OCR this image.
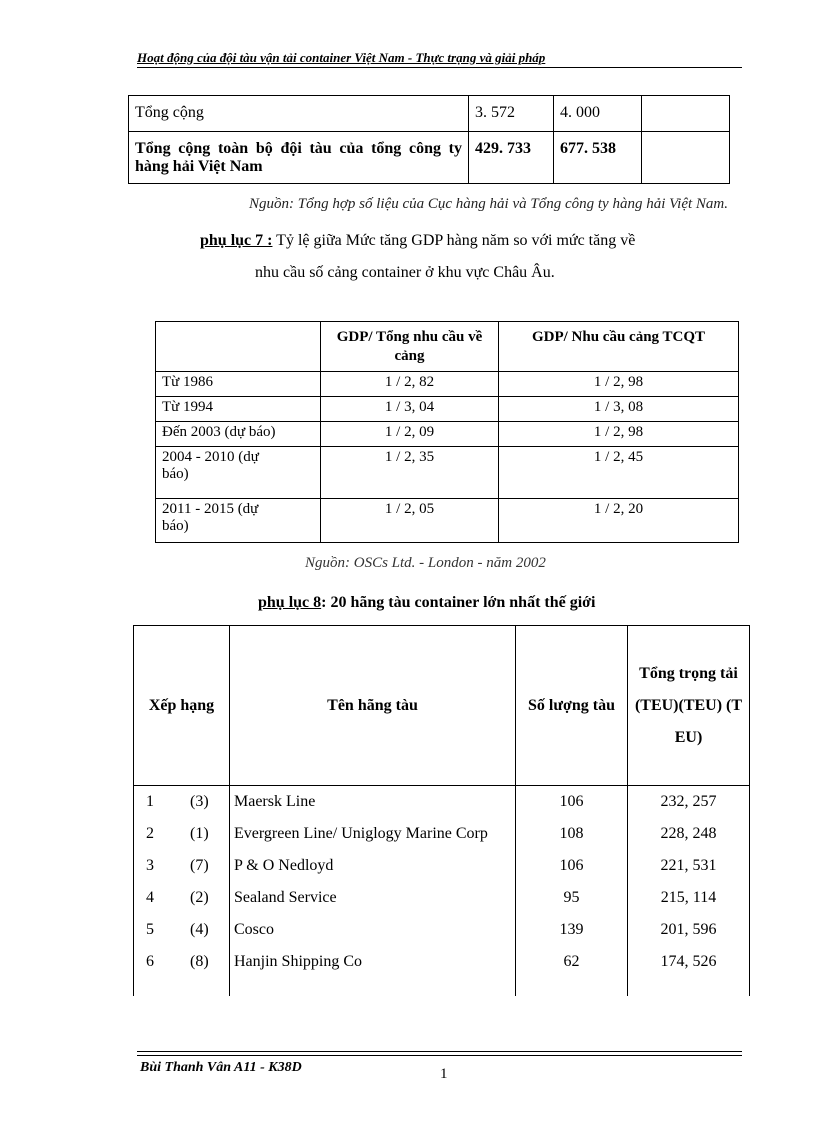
Hoạt động của đội tàu vận tải container Việt Nam - Thực trạng và giải pháp
Tổng cộng	3. 572	4. 000	
Tổng cộng toàn bộ đội tàu của tổng công ty hàng hải Việt Nam	429. 733	677. 538	
Nguồn: Tổng hợp số liệu của Cục hàng hải và Tổng công ty hàng hải Việt Nam.
phụ lục 7 : Tỷ lệ giữa Mức tăng GDP hàng năm so với mức tăng về
nhu cầu số cảng container ở khu vực Châu Âu.
	GDP/ Tổng nhu cầu về cảng	GDP/ Nhu cầu cảng TCQT
Từ 1986	1 / 2, 82	1 / 2, 98
Từ 1994	1 / 3, 04	1 / 3, 08
Đến 2003 (dự báo)	1 / 2, 09	1 / 2, 98
2004 - 2010 (dự báo)	1 / 2, 35	1 / 2, 45
2011 - 2015 (dự báo)	1 / 2, 05	1 / 2, 20
Nguồn: OSCs Ltd. - London - năm 2002
phụ lục 8: 20 hãng tàu container lớn nhất thế giới
Xếp hạng	Tên hãng tàu	Số lượng tàu	Tổng trọng tải(TEU)(TEU) (TEU)
1 (3)	Maersk Line	106	232, 257
2 (1)	Evergreen Line/ Uniglogy Marine Corp	108	228, 248
3 (7)	P & O Nedloyd	106	221, 531
4 (2)	Sealand Service	95	215, 114
5 (4)	Cosco	139	201, 596
6 (8)	Hanjin Shipping Co	62	174, 526
Bùi Thanh Vân A11 - K38D	1
